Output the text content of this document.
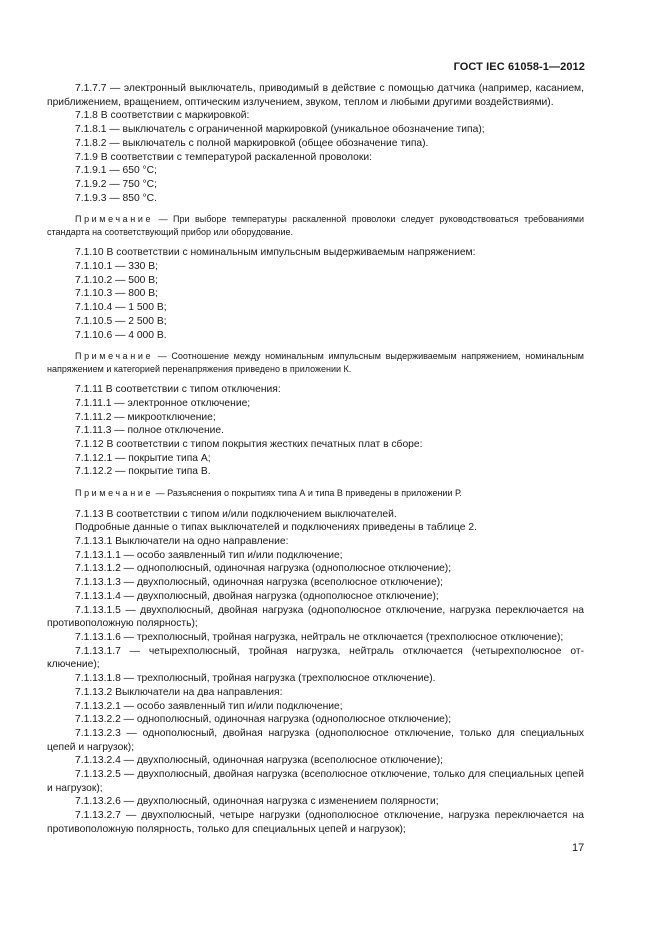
ГОСТ IEC 61058-1—2012

7.1.7.7 — электронный выключатель, приводимый в действие с помощью датчика (например, касанием, приближением, вращением, оптическим излучением, звуком, теплом и любыми другими воздействиями).

7.1.8 В соответствии с маркировкой:

7.1.8.1 — выключатель с ограниченной маркировкой (уникальное обозначение типа);

7.1.8.2 — выключатель с полной маркировкой (общее обозначение типа).

7.1.9 В соответствии с температурой раскаленной проволоки:

7.1.9.1 — 650 °С;

7.1.9.2 — 750 °С;

7.1.9.3 — 850 °С.

Примечание — При выборе температуры раскаленной проволоки следует руководствоваться требованиями стандарта на соответствующий прибор или оборудование.

7.1.10 В соответствии с номинальным импульсным выдерживаемым напряжением:

7.1.10.1 — 330 В;

7.1.10.2 — 500 В;

7.1.10.3 — 800 В;

7.1.10.4 — 1 500 В;

7.1.10.5 — 2 500 В;

7.1.10.6 — 4 000 В.

Примечание — Соотношение между номинальным импульсным выдерживаемым напряжением, номинальным напряжением и категорией перенапряжения приведено в приложении К.

7.1.11 В соответствии с типом отключения:

7.1.11.1 — электронное отключение;

7.1.11.2 — микроотключение;

7.1.11.3 — полное отключение.

7.1.12 В соответствии с типом покрытия жестких печатных плат в сборе:

7.1.12.1 — покрытие типа А;

7.1.12.2 — покрытие типа В.

Примечание — Разъяснения о покрытиях типа А и типа В приведены в приложении Р.

7.1.13 В соответствии с типом и/или подключением выключателей.

Подробные данные о типах выключателей и подключениях приведены в таблице 2.

7.1.13.1 Выключатели на одно направление:

7.1.13.1.1 — особо заявленный тип и/или подключение;

7.1.13.1.2 — однополюсный, одиночная нагрузка (однополюсное отключение);

7.1.13.1.3 — двухполюсный, одиночная нагрузка (всеполюсное отключение);

7.1.13.1.4 — двухполюсный, двойная нагрузка (однополюсное отключение);

7.1.13.1.5 — двухполюсный, двойная нагрузка (однополюсное отключение, нагрузка переключается на противоположную полярность);

7.1.13.1.6 — трехполюсный, тройная нагрузка, нейтраль не отключается (трехполюсное отключение);

7.1.13.1.7 — четырехполюсный, тройная нагрузка, нейтраль отключается (четырехполюсное отключение);

7.1.13.1.8 — трехполюсный, тройная нагрузка (трехполюсное отключение).

7.1.13.2 Выключатели на два направления:

7.1.13.2.1 — особо заявленный тип и/или подключение;

7.1.13.2.2 — однополюсный, одиночная нагрузка (однополюсное отключение);

7.1.13.2.3 — однополюсный, двойная нагрузка (однополюсное отключение, только для специальных цепей и нагрузок);

7.1.13.2.4 — двухполюсный, одиночная нагрузка (всеполюсное отключение);

7.1.13.2.5 — двухполюсный, двойная нагрузка (всеполюсное отключение, только для специальных цепей и нагрузок);

7.1.13.2.6 — двухполюсный, одиночная нагрузка с изменением полярности;

7.1.13.2.7 — двухполюсный, четыре нагрузки (однополюсное отключение, нагрузка переключается на противоположную полярность, только для специальных цепей и нагрузок);

17
